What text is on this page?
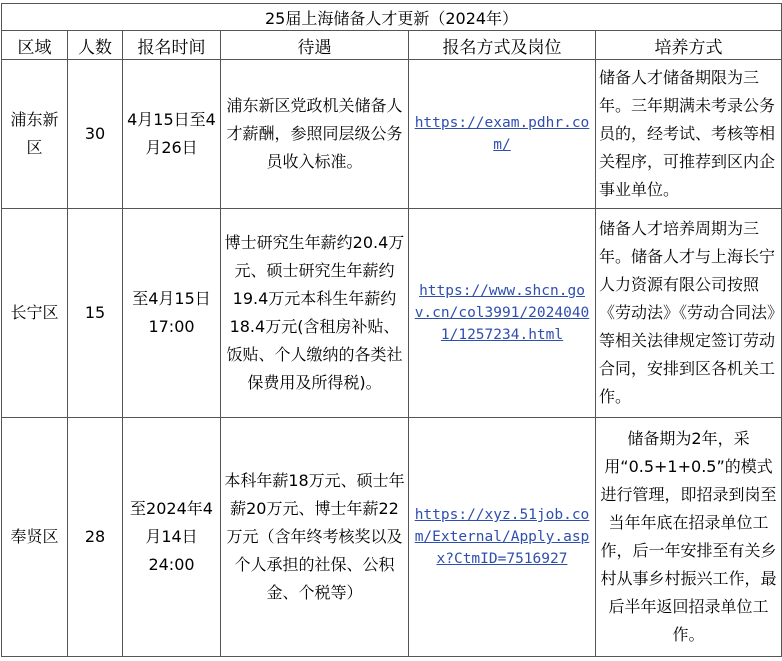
25届上海储备人才更新（2024年）					
区域	人数	报名时间	待遇	报名方式及岗位	培养方式
浦东新区	30	4月15日至4月26日	浦东新区党政机关储备人才薪酬，参照同层级公务员收入标准。	https://exam.pdhr.com/	储备人才储备期限为三年。三年期满未考录公务员的，经考试、考核等相关程序，可推荐到区内企事业单位。
长宁区	15	至4月15日17:00	博士研究生年薪约20.4万元、硕士研究生年薪约19.4万元本科生年薪约18.4万元(含租房补贴、饭贴、个人缴纳的各类社保费用及所得税)。	https://www.shcn.gov.cn/col3991/20240401/1257234.html	储备人才培养周期为三年。储备人才与上海长宁人力资源有限公司按照《劳动法》《劳动合同法》等相关法律规定签订劳动合同，安排到区各机关工作。
奉贤区	28	至2024年4月14日24:00	本科年薪18万元、硕士年薪20万元、博士年薪22万元（含年终考核奖以及个人承担的社保、公积金、个税等）	https://xyz.51job.com/External/Apply.aspx?CtmID=7516927	储备期为2年，采用“0.5+1+0.5”的模式进行管理，即招录到岗至当年年底在招录单位工作，后一年安排至有关乡村从事乡村振兴工作，最后半年返回招录单位工作。
